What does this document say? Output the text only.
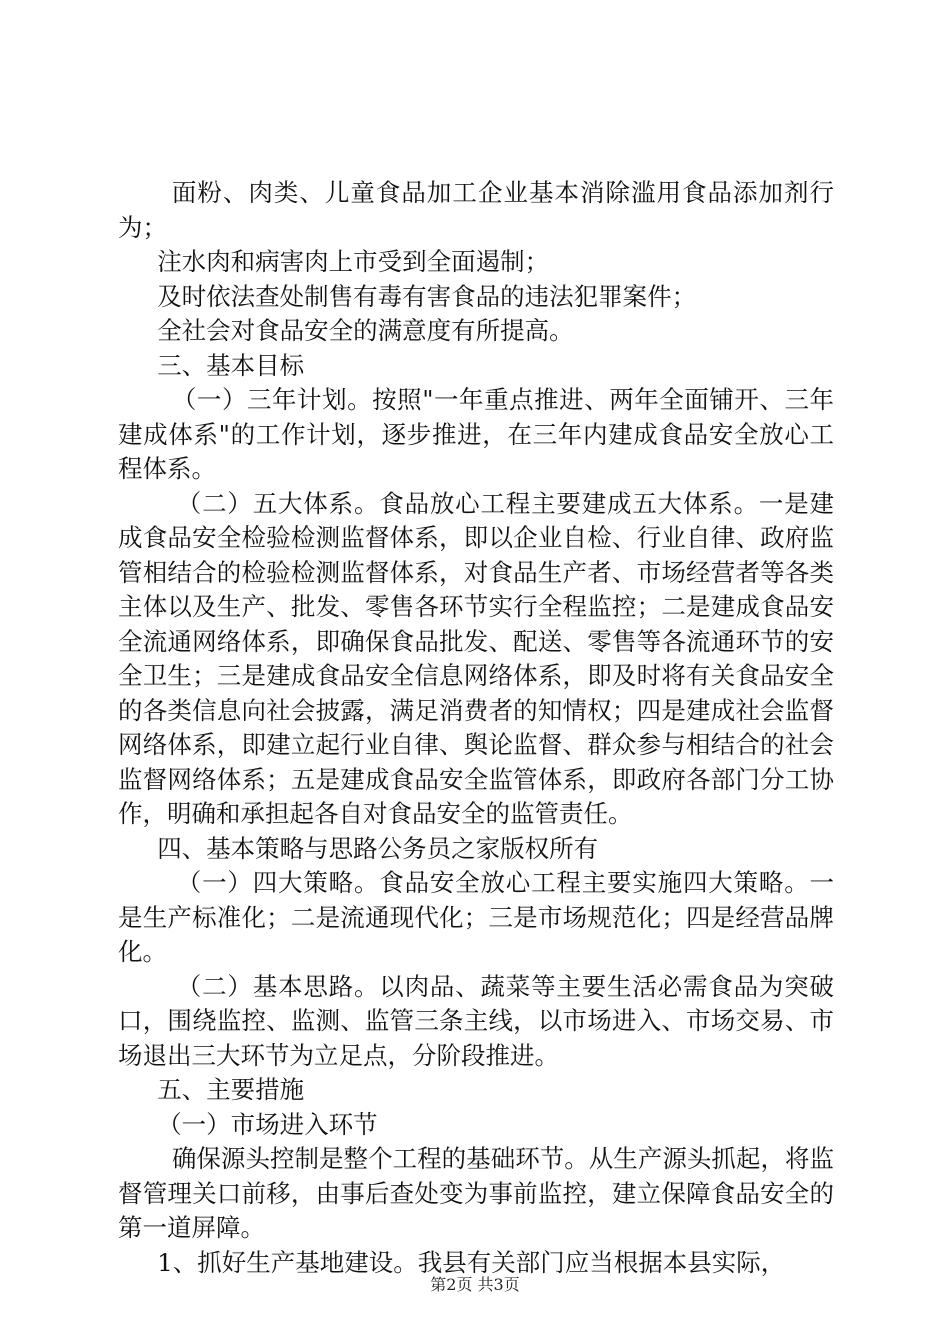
面粉、肉类、儿童食品加工企业基本消除滥用食品添加剂行为；

注水肉和病害肉上市受到全面遏制；

及时依法查处制售有毒有害食品的违法犯罪案件；

全社会对食品安全的满意度有所提高。

三、基本目标

（一）三年计划。按照"一年重点推进、两年全面铺开、三年建成体系"的工作计划，逐步推进，在三年内建成食品安全放心工程体系。

（二）五大体系。食品放心工程主要建成五大体系。一是建成食品安全检验检测监督体系，即以企业自检、行业自律、政府监管相结合的检验检测监督体系，对食品生产者、市场经营者等各类主体以及生产、批发、零售各环节实行全程监控；二是建成食品安全流通网络体系，即确保食品批发、配送、零售等各流通环节的安全卫生；三是建成食品安全信息网络体系，即及时将有关食品安全的各类信息向社会披露，满足消费者的知情权；四是建成社会监督网络体系，即建立起行业自律、舆论监督、群众参与相结合的社会监督网络体系；五是建成食品安全监管体系，即政府各部门分工协作，明确和承担起各自对食品安全的监管责任。

四、基本策略与思路公务员之家版权所有

（一）四大策略。食品安全放心工程主要实施四大策略。一是生产标准化；二是流通现代化；三是市场规范化；四是经营品牌化。

（二）基本思路。以肉品、蔬菜等主要生活必需食品为突破口，围绕监控、监测、监管三条主线，以市场进入、市场交易、市场退出三大环节为立足点，分阶段推进。

五、主要措施

（一）市场进入环节

确保源头控制是整个工程的基础环节。从生产源头抓起，将监督管理关口前移，由事后查处变为事前监控，建立保障食品安全的第一道屏障。

1、抓好生产基地建设。我县有关部门应当根据本县实际，

第2页 共3页
